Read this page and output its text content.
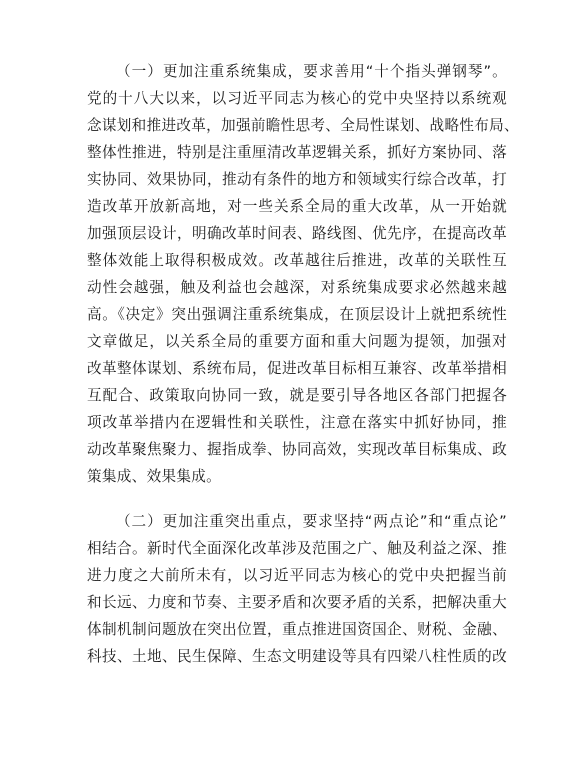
（一）更加注重系统集成，要求善用“十个指头弹钢琴”。
党的十八大以来，以习近平同志为核心的党中央坚持以系统观
念谋划和推进改革，加强前瞻性思考、全局性谋划、战略性布局、
整体性推进，特别是注重厘清改革逻辑关系，抓好方案协同、落
实协同、效果协同，推动有条件的地方和领域实行综合改革，打
造改革开放新高地，对一些关系全局的重大改革，从一开始就
加强顶层设计，明确改革时间表、路线图、优先序，在提高改革
整体效能上取得积极成效。改革越往后推进，改革的关联性互
动性会越强，触及利益也会越深，对系统集成要求必然越来越
高。《决定》突出强调注重系统集成，在顶层设计上就把系统性
文章做足，以关系全局的重要方面和重大问题为提领，加强对
改革整体谋划、系统布局，促进改革目标相互兼容、改革举措相
互配合、政策取向协同一致，就是要引导各地区各部门把握各
项改革举措内在逻辑性和关联性，注意在落实中抓好协同，推
动改革聚焦聚力、握指成拳、协同高效，实现改革目标集成、政
策集成、效果集成。
（二）更加注重突出重点，要求坚持“两点论”和“重点论”
相结合。新时代全面深化改革涉及范围之广、触及利益之深、推
进力度之大前所未有，以习近平同志为核心的党中央把握当前
和长远、力度和节奏、主要矛盾和次要矛盾的关系，把解决重大
体制机制问题放在突出位置，重点推进国资国企、财税、金融、
科技、土地、民生保障、生态文明建设等具有四梁八柱性质的改
